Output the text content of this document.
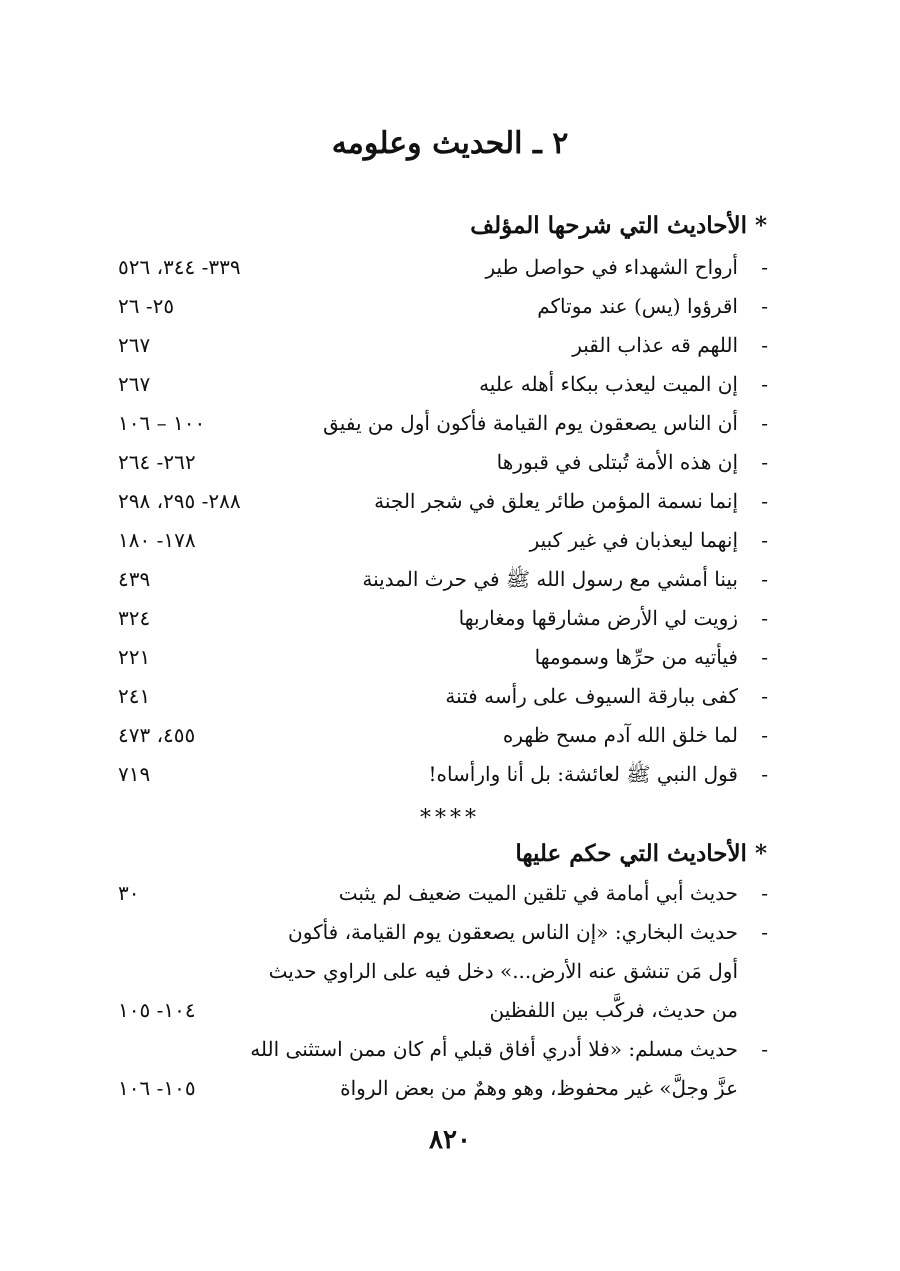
٢ ـ الحديث وعلومه
* الأحاديث التي شرحها المؤلف
-
أرواح الشهداء في حواصل طير
٣٣٩- ٣٤٤، ٥٢٦
-
اقرؤوا (يس) عند موتاكم
٢٥- ٢٦
-
اللهم قه عذاب القبر
٢٦٧
-
إن الميت ليعذب ببكاء أهله عليه
٢٦٧
-
أن الناس يصعقون يوم القيامة فأكون أول من يفيق
١٠٠ – ١٠٦
-
إن هذه الأمة تُبتلى في قبورها
٢٦٢- ٢٦٤
-
إنما نسمة المؤمن طائر يعلق في شجر الجنة
٢٨٨- ٢٩٥، ٢٩٨
-
إنهما ليعذبان في غير كبير
١٧٨- ١٨٠
-
بينا أمشي مع رسول الله ﷺ في حرث المدينة
٤٣٩
-
زويت لي الأرض مشارقها ومغاربها
٣٢٤
-
فيأتيه من حرِّها وسمومها
٢٢١
-
كفى ببارقة السيوف على رأسه فتنة
٢٤١
-
لما خلق الله آدم مسح ظهره
٤٥٥، ٤٧٣
-
قول النبي ﷺ لعائشة: بل أنا وارأساه!
٧١٩
****
* الأحاديث التي حكم عليها
-
حديث أبي أمامة في تلقين الميت ضعيف لم يثبت
٣٠
-
حديث البخاري: «إن الناس يصعقون يوم القيامة، فأكون
أول مَن تنشق عنه الأرض...» دخل فيه على الراوي حديث
من حديث، فركَّب بين اللفظين
١٠٤- ١٠٥
-
حديث مسلم: «فلا أدري أفاق قبلي أم كان ممن استثنى الله
عزَّ وجلَّ» غير محفوظ، وهو وهمٌ من بعض الرواة
١٠٥- ١٠٦
٨٢٠
